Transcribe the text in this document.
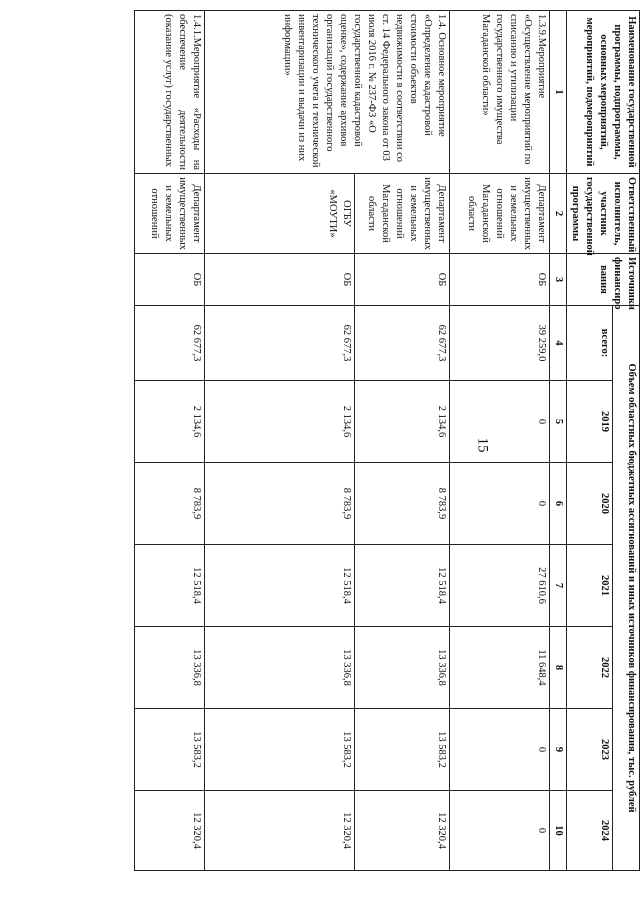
15
Наименование государственной программы, подпрограммы, основных мероприятий, мероприятий, подмероприятий	Ответственный исполнитель, участник государственной программы	Источники финансиро вания	Объем областных бюджетных ассигнований и иных источников финансирования, тыс. рублей						
			всего:	2019	2020	2021	2022	2023	2024
1	2	3	4	5	6	7	8	9	10
1.3.9.Мероприятие «Осуществление мероприятий по списанию и утилизации государственного имущества Магаданской области»	Департамент имущественных и земельных отношений Магаданской области	ОБ	39 259,0	0	0	27 610,6	11 648,4	0	0
1.4. Основное мероприятие «Определение кадастровой стоимости объектов недвижимости в соответствии со ст. 14 Федерального закона от 03 июля 2016 г. № 237-ФЗ «О государственной кадастровой оценке», содержание архивов организаций государственного технического учета и технической инвентаризации и выдачи из них информации»	Департамент имущественных и земельных отношений Магаданской области	ОБ	62 677,3	2 134,6	8 783,9	12 518,4	13 336,8	13 583,2	12 320,4
	ОГБУ «МОУТИ»	ОБ	62 677,3	2 134,6	8 783,9	12 518,4	13 336,8	13 583,2	12 320,4
1.4.1.Мероприятие «Расходы на обеспечение деятельности (оказание услуг) государственных	Департамент имущественных и земельных отношений	ОБ	62 677,3	2 134,6	8 783,9	12 518,4	13 336,8	13 583,2	12 320,4
